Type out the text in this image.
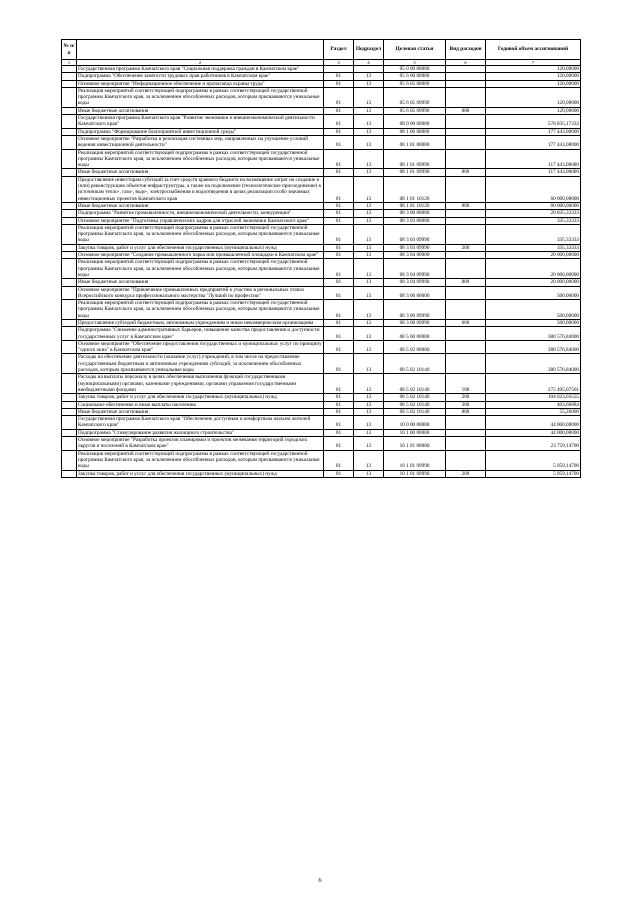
№ п/п		Раздел	Подраздел	Целевая статья	Вид расходов	Годовой объем ассигнований
1	2	3	4	5	6	7
	Государственная программа Камчатского края "Социальная поддержка граждан в Камчатском крае"			05 0 00 00000		120,00000
	Подпрограмма "Обеспечение занятости трудовых прав работников в Камчатском крае"	01	13	05 6 00 00000		120,00000
	Основное мероприятие "Информационное обеспечение и пропаганда охраны труда"	01	13	05 6 05 00000		120,00000
	Реализация мероприятий соответствующей подпрограммы в рамках соответствующей государственной программы Камчатского края, за исключением обособленных расходов, которым присваиваются уникальные коды	01	13	05 6 05 09990		120,00000
	Иные бюджетные ассигнования	01	13	05 6 05 09990	800	120,00000
	Государственная программа Камчатского края "Развитие экономики и внешнеэкономической деятельности Камчатского края"	01	13	08 0 00 00000		578 835,17333
	Подпрограмма "Формирование благоприятной инвестиционной среды"	01	13	08 1 00 00000		177 443,00000
	Основное мероприятие "Разработка и реализация системных мер, направленных на улучшение условий ведения инвестиционной деятельности"	01	13	08 1 01 00000		177 443,00000
	Реализация мероприятий соответствующей подпрограммы в рамках соответствующей государственной программы Камчатского края, за исключением обособленных расходов, которым присваиваются уникальные коды	01	13	08 1 01 09990		117 443,00000
	Иные бюджетные ассигнования	01	13	08 1 01 09990	800	117 443,00000
	Предоставление инвесторам субсидий за счет средств краевого бюджета на возмещение затрат на создание и (или) реконструкцию объектов инфраструктуры, а также на подключение (технологическое присоединение) к источникам тепло-, газо-, водо-, электроснабжения и водоотведения в целях реализации особо значимых инвестиционных проектов Камчатского края	01	13	08 1 01 10120		60 000,00000
	Иные бюджетные ассигнования	01	13	08 1 01 10120	800	60 000,00000
	Подпрограмма "Развитие промышленности, внешнеэкономической деятельности, конкуренции"	01	13	08 3 00 00000		20 835,33333
	Основное мероприятие "Подготовка управленческих кадров для отраслей экономики Камчатского края"	01	13	08 3 03 00000		335,33333
	Реализация мероприятий соответствующей подпрограммы в рамках соответствующей государственной программы Камчатского края, за исключением обособленных расходов, которым присваиваются уникальные коды	01	13	08 3 03 09990		335,33333
	Закупка товаров, работ и услуг для обеспечения государственных (муниципальных) нужд	01	13	08 3 03 09990	200	335,33333
	Основное мероприятие "Создание промышленного парка или промышленной площадки в Камчатском крае"	01	13	08 3 04 00000		20 000,00000
	Реализация мероприятий соответствующей подпрограммы в рамках соответствующей государственной программы Камчатского края, за исключением обособленных расходов, которым присваиваются уникальные коды	01	13	08 3 04 09990		20 000,00000
	Иные бюджетные ассигнования	01	13	08 3 04 09990	800	20 000,00000
	Основное мероприятие "Привлечение промышленных предприятий к участию в региональных этапах Всероссийского конкурса профессионального мастерства "Лучший по профессии"	01	13	08 3 06 00000		500,00000
	Реализация мероприятий соответствующей подпрограммы в рамках соответствующей государственной программы Камчатского края, за исключением обособленных расходов, которым присваиваются уникальные коды	01	13	08 3 06 09990		500,00000
	Предоставление субсидий бюджетным, автономным учреждениям и иным некоммерческим организациям	01	13	08 3 06 09990	600	500,00000
	Подпрограмма "Снижение административных барьеров, повышение качества предоставления и доступности государственных услуг в Камчатском крае"	01	13	08 5 00 00000		380 576,84000
	Основное мероприятие "Обеспечение предоставления государственных и муниципальных услуг по принципу "одного окна" в Камчатском крае"	01	13	08 5 02 00000		380 576,84000
	Расходы на обеспечение деятельности (оказание услуг) учреждений, в том числе на предоставление государственным бюджетным и автономным учреждениям субсидий, за исключением обособленных расходов, которым присваиваются уникальные коды	01	13	08 5 02 10140		380 576,84000
	Расходы на выплаты персоналу в целях обеспечения выполнения функций государственными (муниципальными) органами, казенными учреждениями, органами управления государственными внебюджетными фондами	01	13	08 5 02 10140	100	275 495,07561
	Закупка товаров, работ и услуг для обеспечения государственных (муниципальных) нужд	01	13	08 5 02 10140	200	104 623,03555
	Социальное обеспечение и иные выплаты населению	01	13	08 5 02 10140	300	403,66884
	Иные бюджетные ассигнования	01	13	08 5 02 10140	800	55,26000
	Государственная программа Камчатского края "Обеспечение доступным и комфортным жильем жителей Камчатского края"	01	13	10 0 00 00000		44 000,00000
	Подпрограмма "Стимулирование развития жилищного строительства"	01	13	10 1 00 00000		44 000,00000
	Основное мероприятие "Разработка проектов планировки и проектов межевания территорий городских округов и поселений в Камчатском крае"	01	13	10 1 01 00000		23 759,14700
	Реализация мероприятий соответствующей подпрограммы в рамках соответствующей государственной программы Камчатского края, за исключением обособленных расходов, которым присваиваются уникальные коды	01	13	10 1 01 09990		5 059,14700
	Закупка товаров, работ и услуг для обеспечения государственных (муниципальных) нужд	01	13	10 1 01 09990	200	5 059,14700
6
